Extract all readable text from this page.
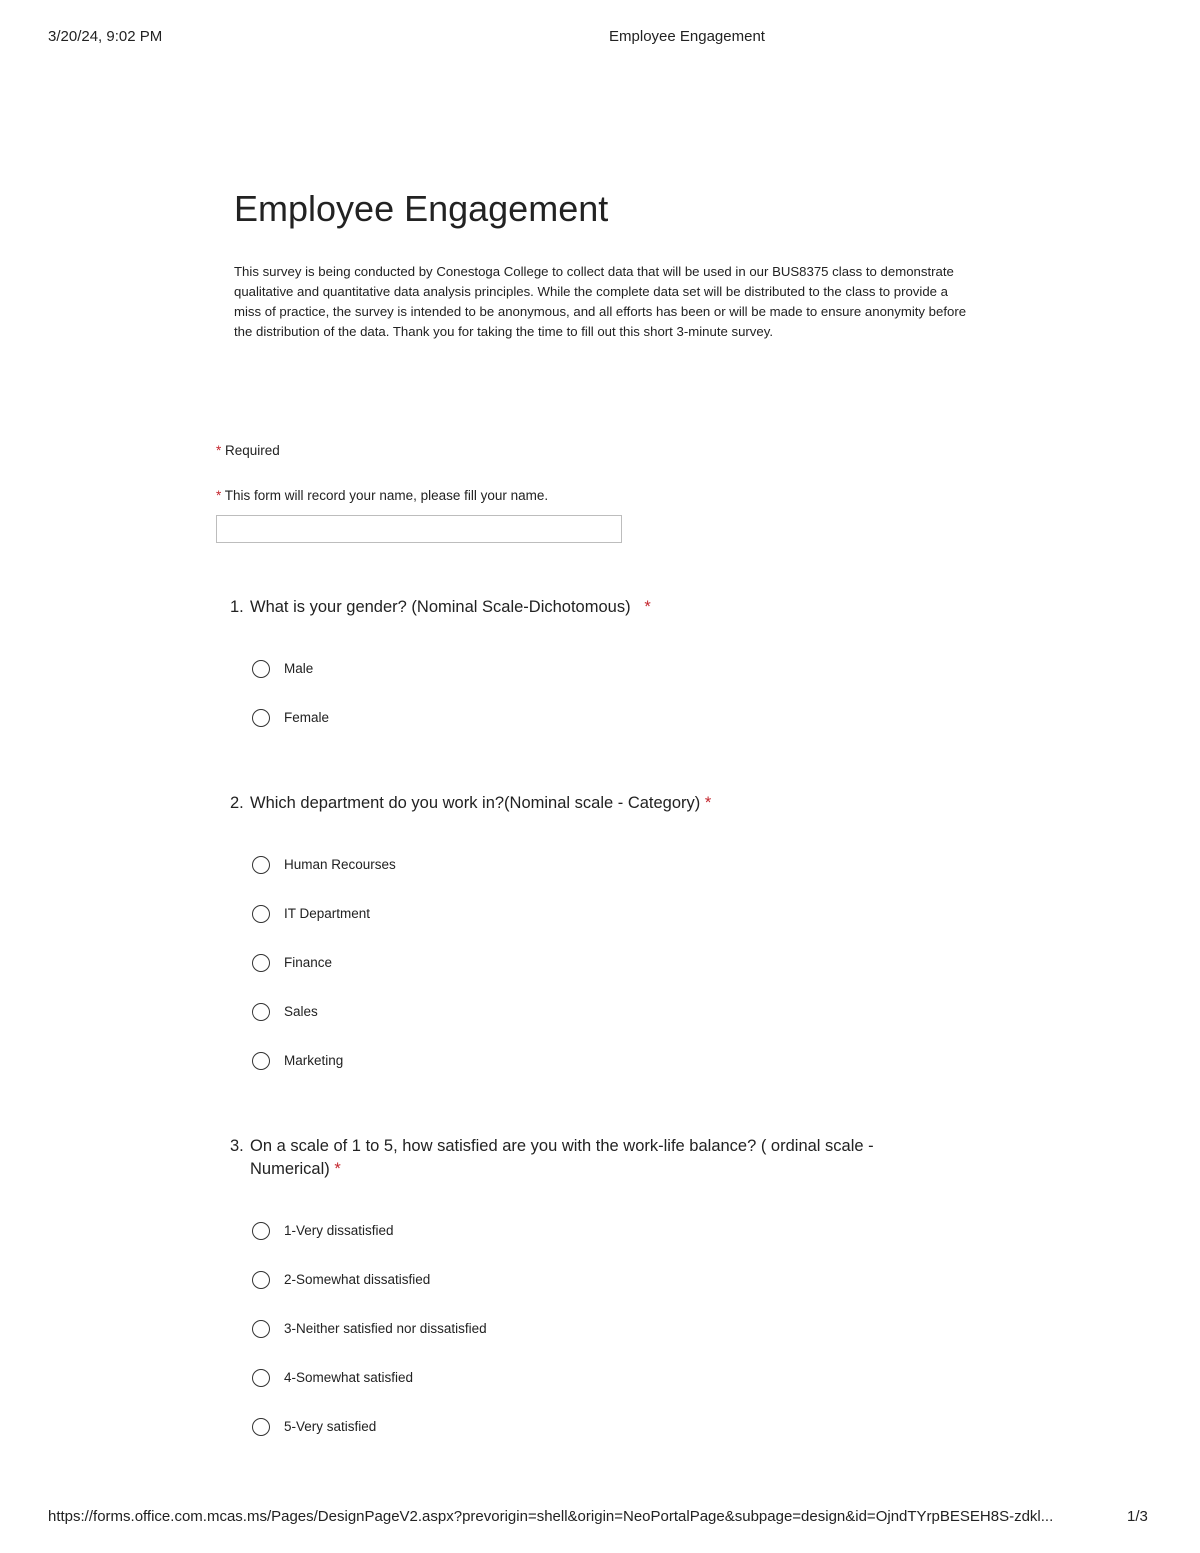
3/20/24, 9:02 PM	Employee Engagement
Employee Engagement

This survey is being conducted by Conestoga College to collect data that will be used in our BUS8375 class to demonstrate qualitative and quantitative data analysis principles. While the complete data set will be distributed to the class to provide a miss of practice, the survey is intended to be anonymous, and all efforts has been or will be made to ensure anonymity before the distribution of the data. Thank you for taking the time to fill out this short 3-minute survey.

* Required
* This form will record your name, please fill your name.
1. What is your gender? (Nominal Scale-Dichotomous) *
Male
Female
2. Which department do you work in?(Nominal scale - Category) *
Human Recourses
IT Department
Finance
Sales
Marketing
3. On a scale of 1 to 5, how satisfied are you with the work-life balance? ( ordinal scale - Numerical) *
1-Very dissatisfied
2-Somewhat dissatisfied
3-Neither satisfied nor dissatisfied
4-Somewhat satisfied
5-Very satisfied
https://forms.office.com.mcas.ms/Pages/DesignPageV2.aspx?prevorigin=shell&origin=NeoPortalPage&subpage=design&id=OjndTYrpBESEH8S-zdkl...	1/3
